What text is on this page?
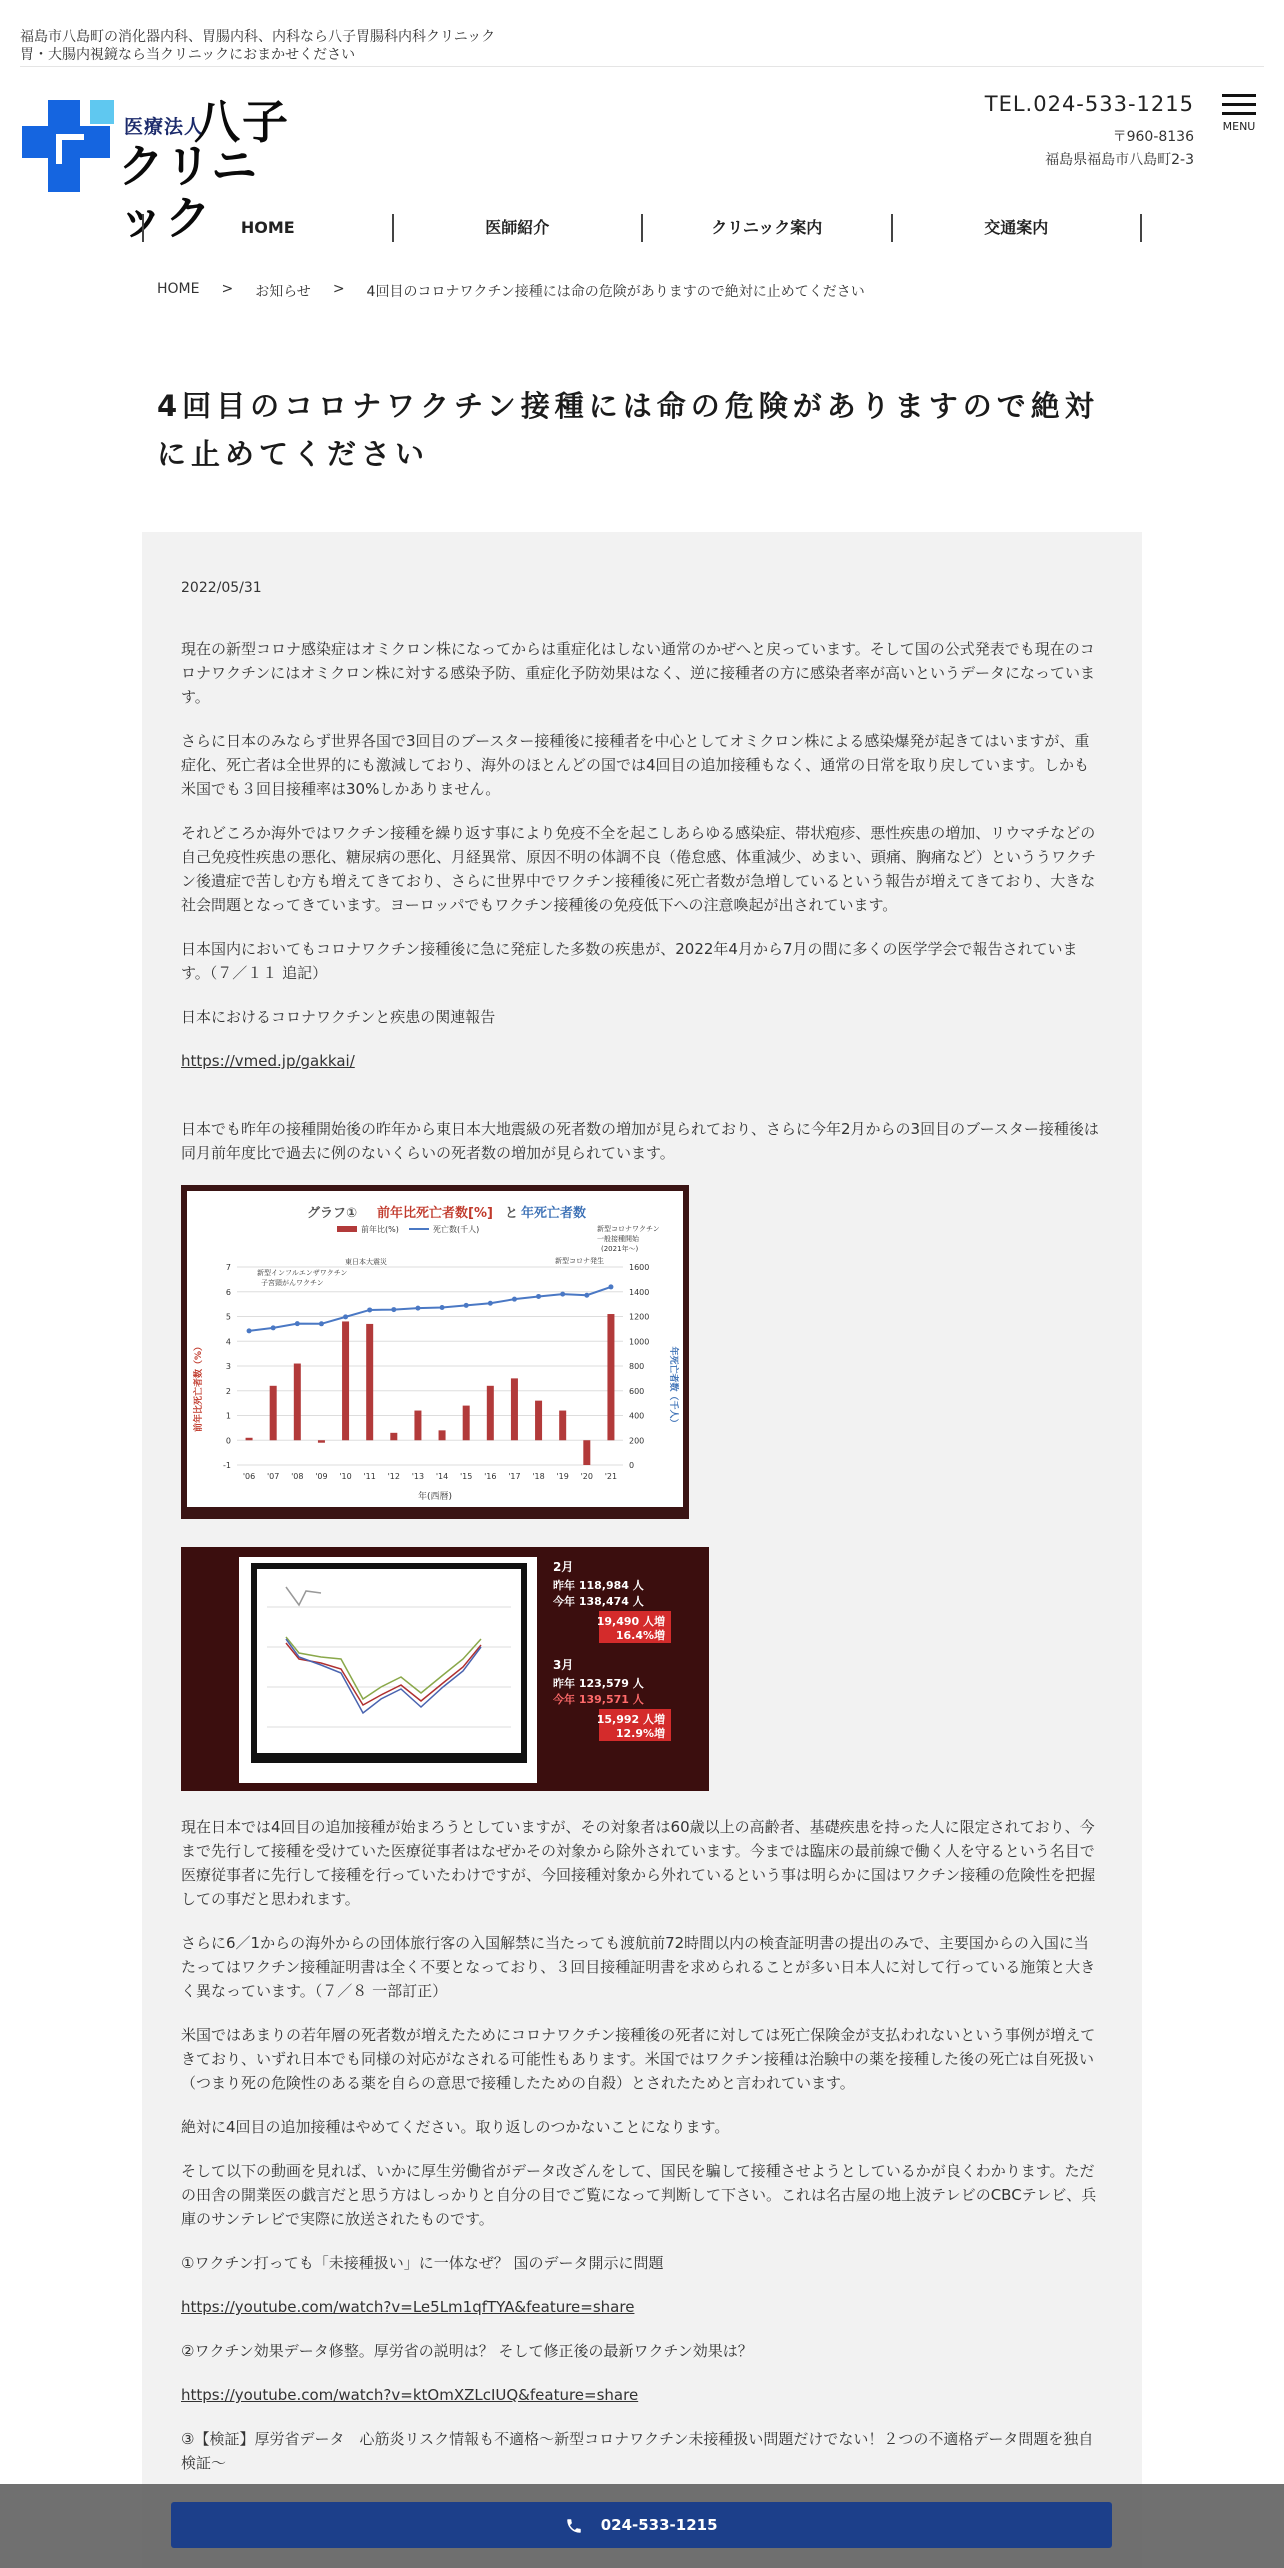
福島市八島町の消化器内科、胃腸内科、内科なら八子胃腸科内科クリニック
胃・大腸内視鏡なら当クリニックにおまかせください
医療法人
八子
クリニック
TEL.024-533-1215
〒960-8136
福島県福島市八島町2-3
MENU
HOME	医師紹介	クリニック案内	交通案内
HOME > お知らせ > 4回目のコロナワクチン接種には命の危険がありますので絶対に止めてください
4回目のコロナワクチン接種には命の危険がありますので絶対に止めてください
2022/05/31

現在の新型コロナ感染症はオミクロン株になってからは重症化はしない通常のかぜへと戻っています。そして国の公式発表でも現在のコロナワクチンにはオミクロン株に対する感染予防、重症化予防効果はなく、逆に接種者の方に感染者率が高いというデータになっています。

さらに日本のみならず世界各国で3回目のブースター接種後に接種者を中心としてオミクロン株による感染爆発が起きてはいますが、重症化、死亡者は全世界的にも激減しており、海外のほとんどの国では4回目の追加接種もなく、通常の日常を取り戻しています。しかも米国でも３回目接種率は30%しかありません。

それどころか海外ではワクチン接種を繰り返す事により免疫不全を起こしあらゆる感染症、帯状疱疹、悪性疾患の増加、リウマチなどの自己免疫性疾患の悪化、糖尿病の悪化、月経異常、原因不明の体調不良（倦怠感、体重減少、めまい、頭痛、胸痛など）といううワクチン後遺症で苦しむ方も増えてきており、さらに世界中でワクチン接種後に死亡者数が急増しているという報告が増えてきており、大きな社会問題となってきています。ヨーロッパでもワクチン接種後の免疫低下への注意喚起が出されています。

日本国内においてもコロナワクチン接種後に急に発症した多数の疾患が、2022年4月から7月の間に多くの医学学会で報告されています。（７／１１ 追記）

日本におけるコロナワクチンと疾患の関連報告

https://vmed.jp/gakkai/

日本でも昨年の接種開始後の昨年から東日本大地震級の死者数の増加が見られており、さらに今年2月からの3回目のブースター接種後は同月前年度比で過去に例のないくらいの死者数の増加が見られています。

グラフ① 前年比死亡者数[%] と 年死亡者数
前年比(%)	死亡数(千人)
東日本大震災
新型インフルエンザワクチン
子宮頸がんワクチン
新型コロナ発生
新型コロナワクチン
一般接種開始
(2021年〜)
前年比死亡者数（%）	年死亡者数（千人）
年(西暦)
-1
0
1
2
3
4
5
6
7
0
200
400
600
800
1000
1200
1400
1600
'06 '07 '08 '09 '10 '11 '12 '13 '14 '15 '16 '17 '18 '19 '20 '21
2月
昨年 118,984 人
今年 138,474 人
19,490 人増
16.4%増
3月
昨年 123,579 人
今年 139,571 人
15,992 人増
12.9%増

現在日本では4回目の追加接種が始まろうとしていますが、その対象者は60歳以上の高齢者、基礎疾患を持った人に限定されており、今まで先行して接種を受けていた医療従事者はなぜかその対象から除外されています。今までは臨床の最前線で働く人を守るという名目で医療従事者に先行して接種を行っていたわけですが、今回接種対象から外れているという事は明らかに国はワクチン接種の危険性を把握しての事だと思われます。

さらに6／1からの海外からの団体旅行客の入国解禁に当たっても渡航前72時間以内の検査証明書の提出のみで、主要国からの入国に当たってはワクチン接種証明書は全く不要となっており、３回目接種証明書を求められることが多い日本人に対して行っている施策と大きく異なっています。（７／８ 一部訂正）

米国ではあまりの若年層の死者数が増えたためにコロナワクチン接種後の死者に対しては死亡保険金が支払われないという事例が増えてきており、いずれ日本でも同様の対応がなされる可能性もあります。米国ではワクチン接種は治験中の薬を接種した後の死亡は自死扱い（つまり死の危険性のある薬を自らの意思で接種したための自殺）とされたためと言われています。

絶対に4回目の追加接種はやめてください。取り返しのつかないことになります。

そして以下の動画を見れば、いかに厚生労働省がデータ改ざんをして、国民を騙して接種させようとしているかが良くわかります。ただの田舎の開業医の戯言だと思う方はしっかりと自分の目でご覧になって判断して下さい。これは名古屋の地上波テレビのCBCテレビ、兵庫のサンテレビで実際に放送されたものです。

①ワクチン打っても「未接種扱い」に一体なぜ？ 国のデータ開示に問題

https://youtube.com/watch?v=Le5Lm1qfTYA&feature=share

②ワクチン効果データ修整。厚労省の説明は？ そして修正後の最新ワクチン効果は？

https://youtube.com/watch?v=ktOmXZLcIUQ&feature=share

③【検証】厚労省データ　心筋炎リスク情報も不適格〜新型コロナワクチン未接種扱い問題だけでない！２つの不適格データ問題を独自検証〜

024-533-1215
